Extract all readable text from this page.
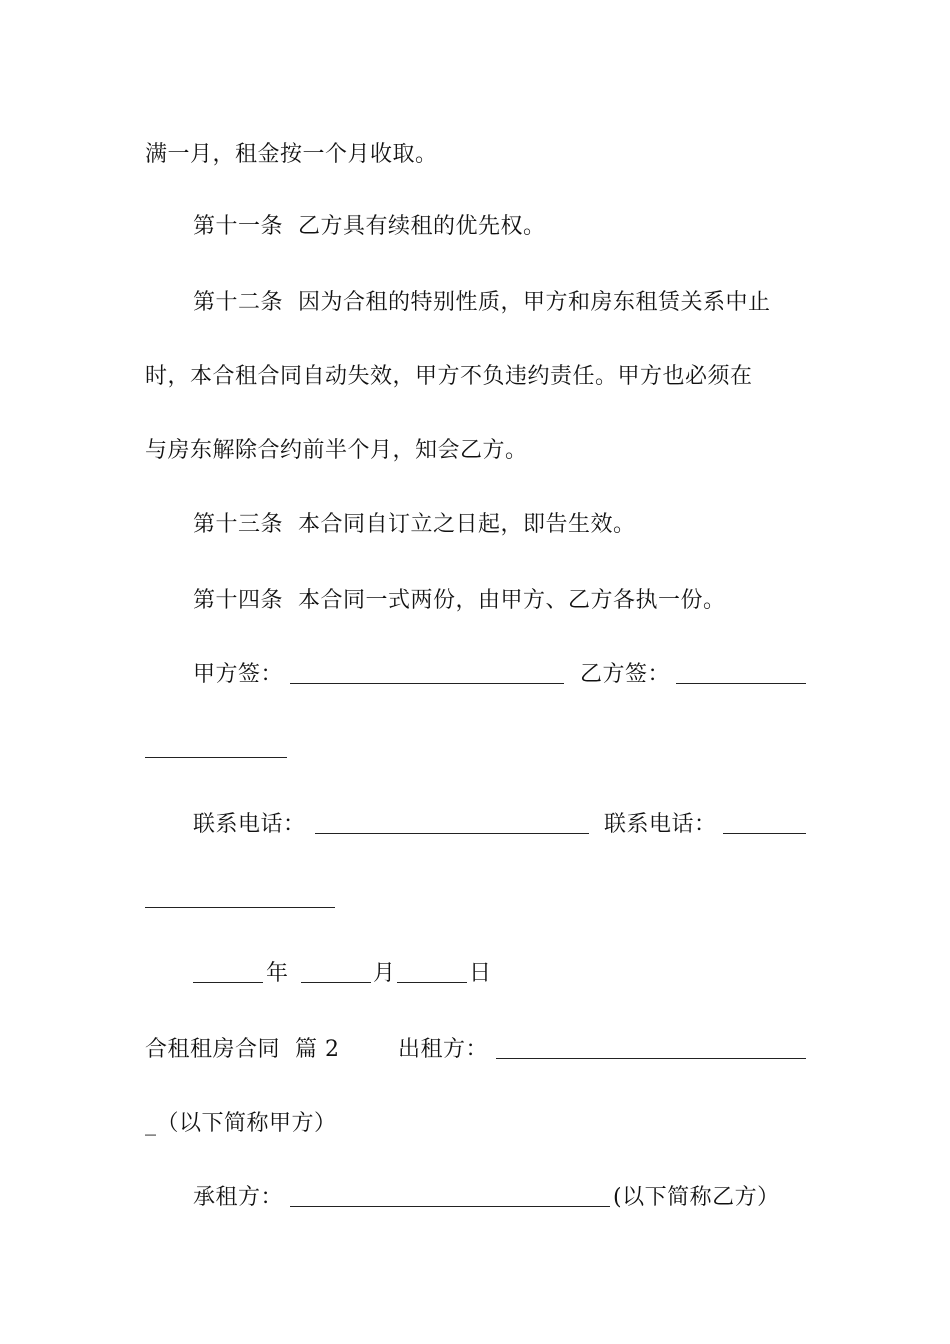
满一月，租金按一个月收取。
第十一条  乙方具有续租的优先权。
第十二条  因为合租的特别性质，甲方和房东租赁关系中止
时，本合租合同自动失效，甲方不负违约责任。甲方也必须在
与房东解除合约前半个月，知会乙方。
第十三条  本合同自订立之日起，即告生效。
第十四条  本合同一式两份，由甲方、乙方各执一份。
甲方签：	乙方签：
联系电话：	联系电话：
年	月	日
合租租房合同  篇 2	出租方：
_（以下简称甲方）
承租方：	(以下简称乙方）
